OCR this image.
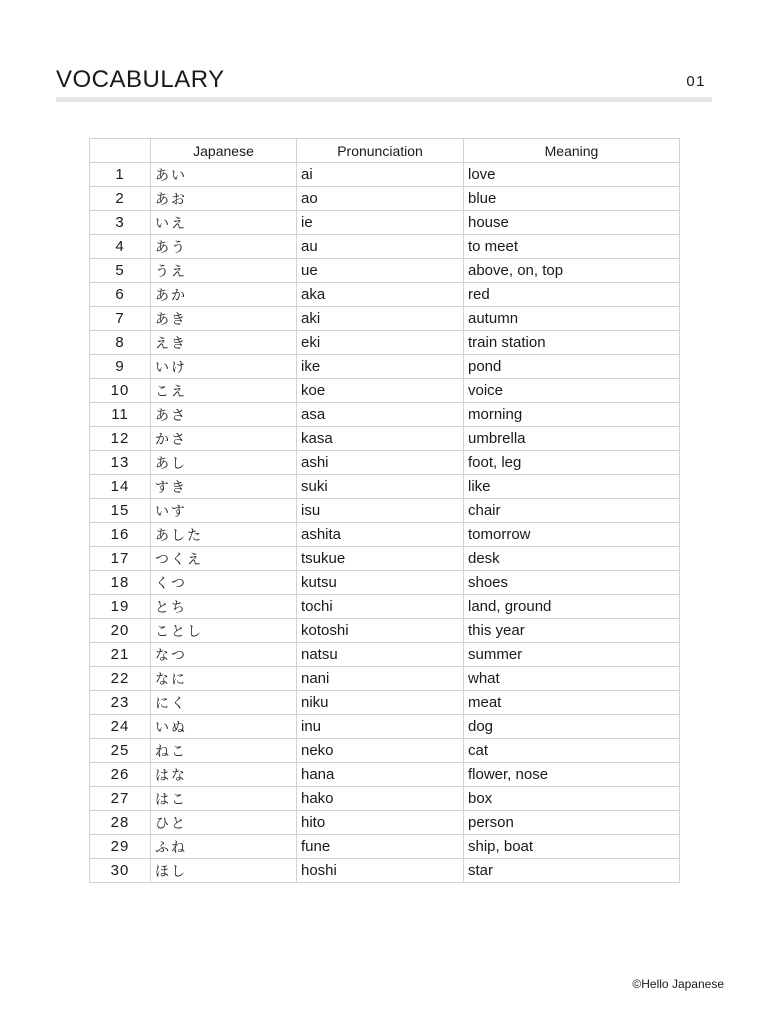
VOCABULARY	01
	Japanese	Pronunciation	Meaning
1	あい	ai	love
2	あお	ao	blue
3	いえ	ie	house
4	あう	au	to meet
5	うえ	ue	above, on, top
6	あか	aka	red
7	あき	aki	autumn
8	えき	eki	train station
9	いけ	ike	pond
10	こえ	koe	voice
11	あさ	asa	morning
12	かさ	kasa	umbrella
13	あし	ashi	foot, leg
14	すき	suki	like
15	いす	isu	chair
16	あした	ashita	tomorrow
17	つくえ	tsukue	desk
18	くつ	kutsu	shoes
19	とち	tochi	land, ground
20	ことし	kotoshi	this year
21	なつ	natsu	summer
22	なに	nani	what
23	にく	niku	meat
24	いぬ	inu	dog
25	ねこ	neko	cat
26	はな	hana	flower, nose
27	はこ	hako	box
28	ひと	hito	person
29	ふね	fune	ship, boat
30	ほし	hoshi	star
©Hello Japanese
